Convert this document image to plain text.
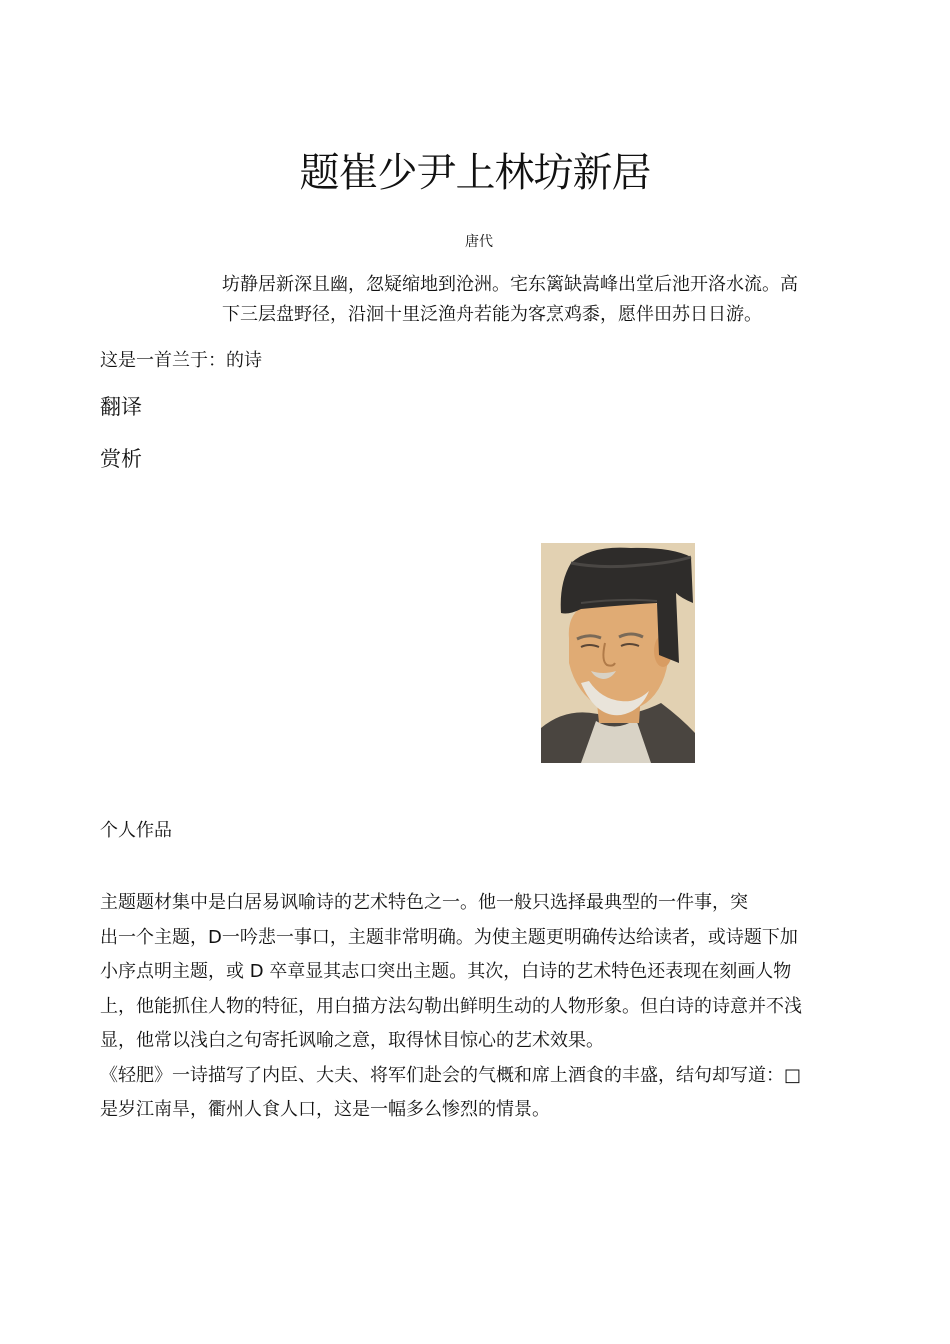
题崔少尹上林坊新居
唐代

坊静居新深且幽，忽疑缩地到沧洲。宅东篱缺嵩峰出堂后池开洛水流。高

下三层盘野径，沿洄十里泛渔舟若能为客烹鸡黍，愿伴田苏日日游。

这是一首兰于：的诗

翻译
赏析

个人作品

主题题材集中是白居易讽喻诗的艺术特色之一。他一般只选择最典型的一件事，突

出一个主题，D一吟悲一事口，主题非常明确。为使主题更明确传达给读者，或诗题下加

小序点明主题，或 D 卒章显其志口突出主题。其次，白诗的艺术特色还表现在刻画人物

上，他能抓住人物的特征，用白描方法勾勒出鲜明生动的人物形象。但白诗的诗意并不浅

显，他常以浅白之句寄托讽喻之意，取得怵目惊心的艺术效果。

《轻肥》一诗描写了内臣、大夫、将军们赴会的气概和席上酒食的丰盛，结句却写道：□

是岁江南旱，衢州人食人口，这是一幅多么惨烈的情景。
